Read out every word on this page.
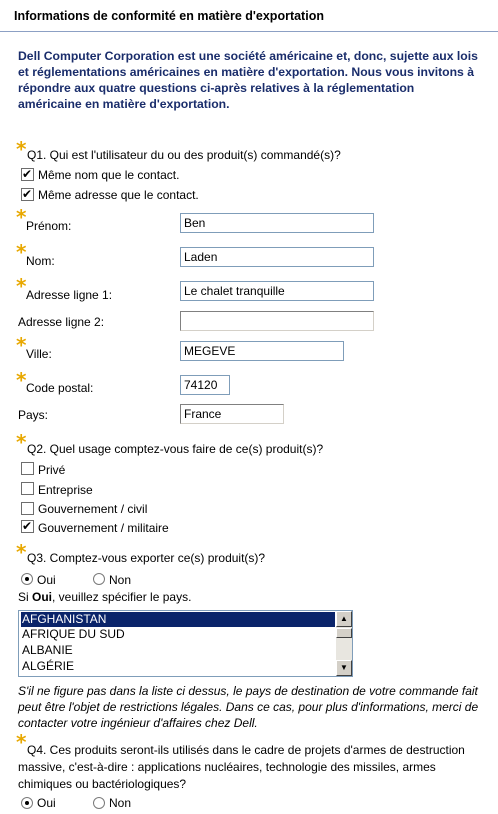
Informations de conformité en matière d'exportation
Dell Computer Corporation est une société américaine et, donc, sujette aux lois et réglementations américaines en matière d'exportation. Nous vous invitons à répondre aux quatre questions ci-après relatives à la réglementation américaine en matière d'exportation.
* Q1. Qui est l'utilisateur du ou des produit(s) commandé(s)?
✔ Même nom que le contact.
✔ Même adresse que le contact.
* Prénom:	Ben
* Nom:	Laden
* Adresse ligne 1:	Le chalet tranquille
Adresse ligne 2:
* Ville:	MEGEVE
* Code postal:	74120
Pays:	France
* Q2. Quel usage comptez-vous faire de ce(s) produit(s)?
Privé
Entreprise
Gouvernement / civil
✔ Gouvernement / militaire
* Q3. Comptez-vous exporter ce(s) produit(s)?
Oui	Non
Si Oui, veuillez spécifier le pays.
AFGHANISTAN
AFRIQUE DU SUD
ALBANIE
ALGÉRIE
▲
▼
S'il ne figure pas dans la liste ci dessus, le pays de destination de votre commande fait peut être l'objet de restrictions légales. Dans ce cas, pour plus d'informations, merci de contacter votre ingénieur d'affaires chez Dell.
* Q4. Ces produits seront-ils utilisés dans le cadre de projets d'armes de destruction massive, c'est-à-dire : applications nucléaires, technologie des missiles, armes chimiques ou bactériologiques?
Oui	Non
